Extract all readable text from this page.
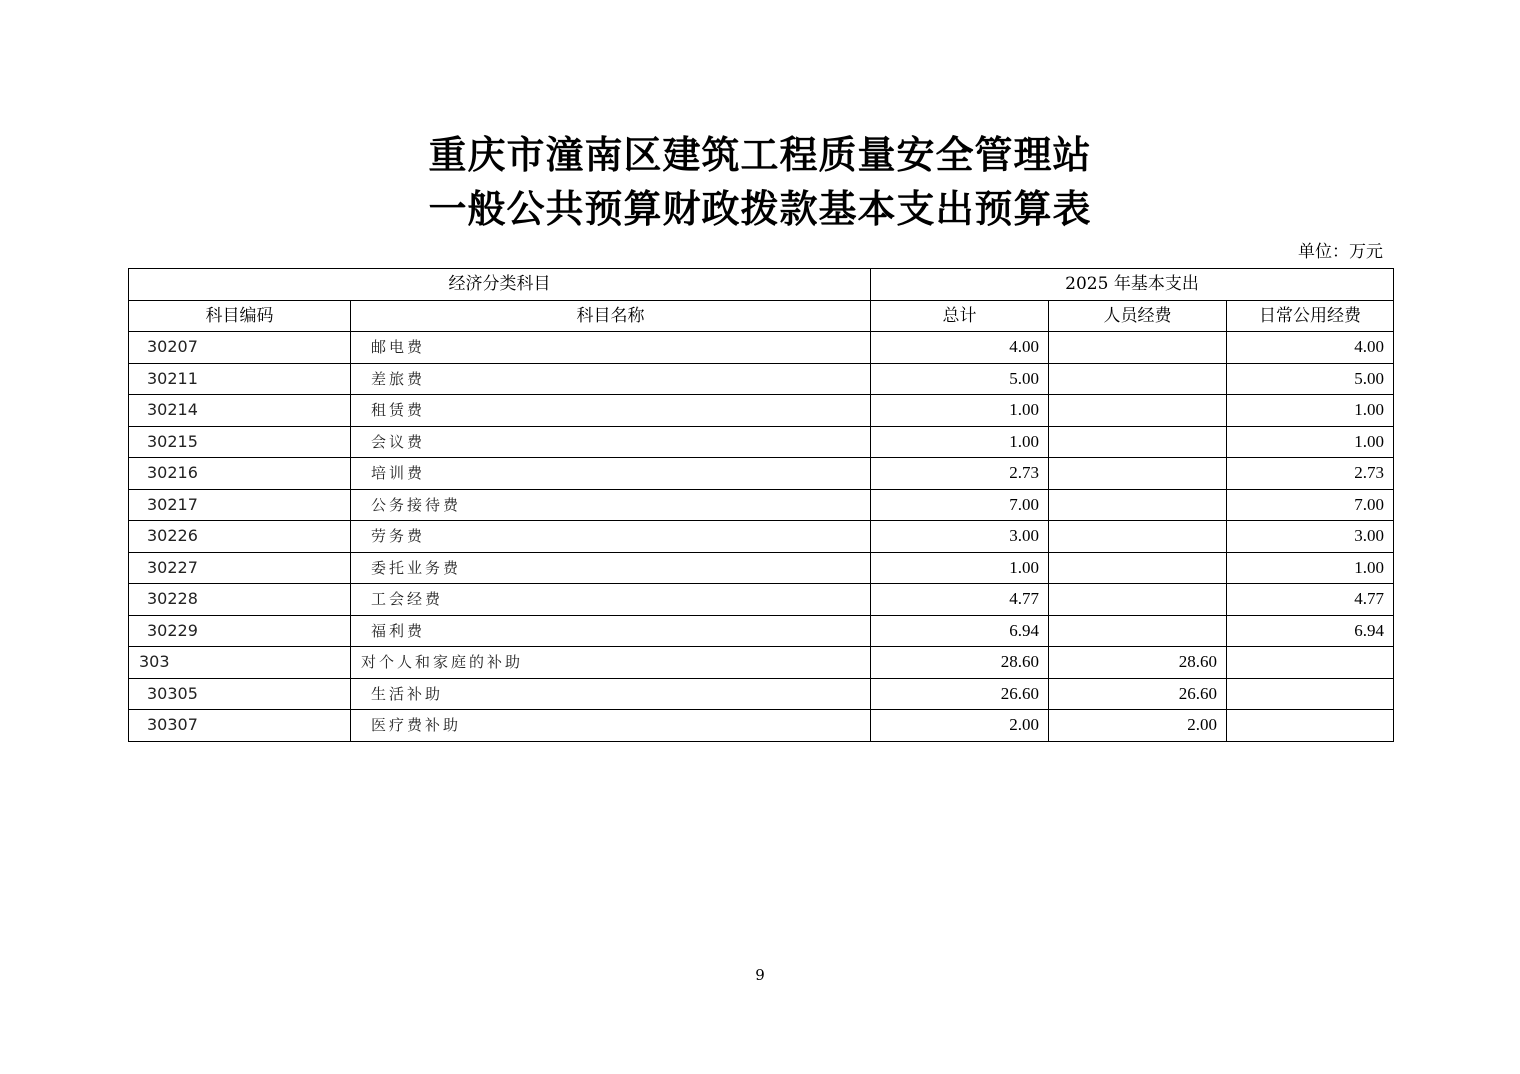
重庆市潼南区建筑工程质量安全管理站
一般公共预算财政拨款基本支出预算表
单位：万元
经济分类科目		2025 年基本支出		
科目编码	科目名称	总计	人员经费	日常公用经费
30207	邮电费	4.00		4.00
30211	差旅费	5.00		5.00
30214	租赁费	1.00		1.00
30215	会议费	1.00		1.00
30216	培训费	2.73		2.73
30217	公务接待费	7.00		7.00
30226	劳务费	3.00		3.00
30227	委托业务费	1.00		1.00
30228	工会经费	4.77		4.77
30229	福利费	6.94		6.94
303	对个人和家庭的补助	28.60	28.60	
30305	生活补助	26.60	26.60	
30307	医疗费补助	2.00	2.00	
9
